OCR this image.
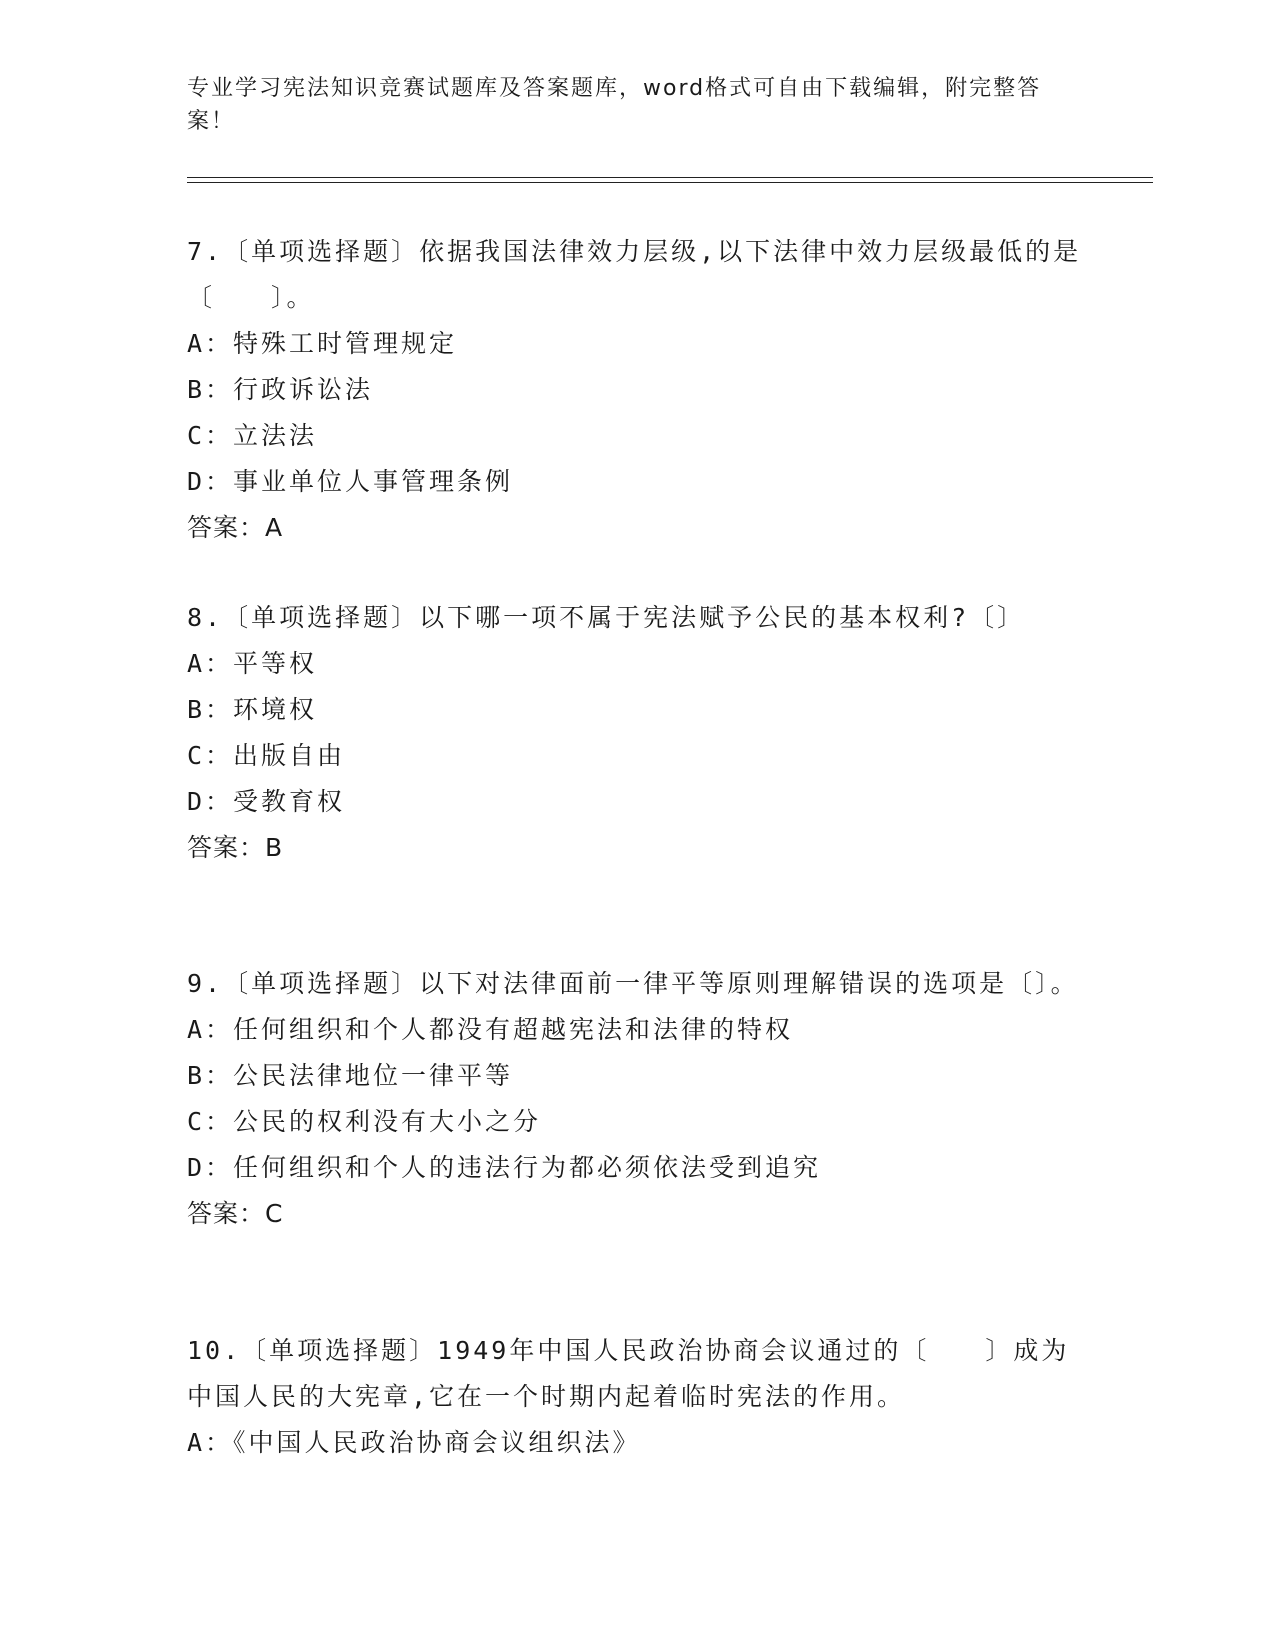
专业学习宪法知识竞赛试题库及答案题库，word格式可自由下载编辑，附完整答案！
7.〔单项选择题〕依据我国法律效力层级,以下法律中效力层级最低的是〔　　〕。
A：特殊工时管理规定
B：行政诉讼法
C：立法法
D：事业单位人事管理条例
答案：A
8.〔单项选择题〕以下哪一项不属于宪法赋予公民的基本权利?〔〕
A：平等权
B：环境权
C：出版自由
D：受教育权
答案：B
9.〔单项选择题〕以下对法律面前一律平等原则理解错误的选项是〔〕。
A：任何组织和个人都没有超越宪法和法律的特权
B：公民法律地位一律平等
C：公民的权利没有大小之分
D：任何组织和个人的违法行为都必须依法受到追究
答案：C
10.〔单项选择题〕1949年中国人民政治协商会议通过的〔　　〕成为中国人民的大宪章,它在一个时期内起着临时宪法的作用。
A：《中国人民政治协商会议组织法》
